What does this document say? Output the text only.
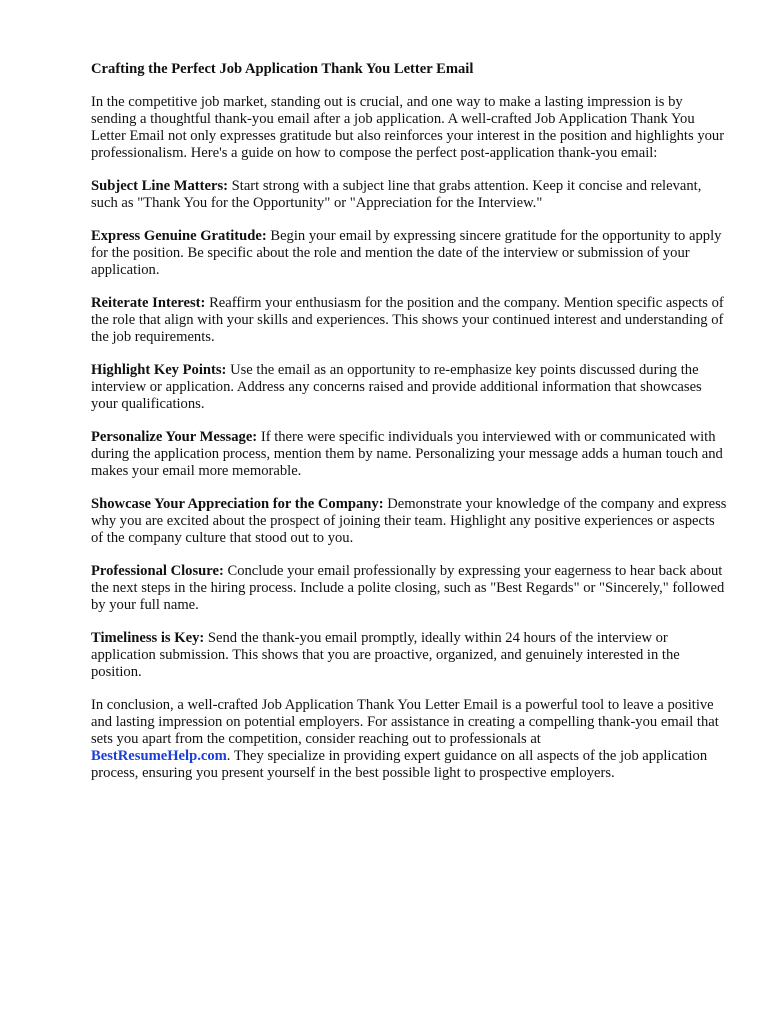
Crafting the Perfect Job Application Thank You Letter Email

In the competitive job market, standing out is crucial, and one way to make a lasting impression is by sending a thoughtful thank-you email after a job application. A well-crafted Job Application Thank You Letter Email not only expresses gratitude but also reinforces your interest in the position and highlights your professionalism. Here's a guide on how to compose the perfect post-application thank-you email:

Subject Line Matters: Start strong with a subject line that grabs attention. Keep it concise and relevant, such as "Thank You for the Opportunity" or "Appreciation for the Interview."

Express Genuine Gratitude: Begin your email by expressing sincere gratitude for the opportunity to apply for the position. Be specific about the role and mention the date of the interview or submission of your application.

Reiterate Interest: Reaffirm your enthusiasm for the position and the company. Mention specific aspects of the role that align with your skills and experiences. This shows your continued interest and understanding of the job requirements.

Highlight Key Points: Use the email as an opportunity to re-emphasize key points discussed during the interview or application. Address any concerns raised and provide additional information that showcases your qualifications.

Personalize Your Message: If there were specific individuals you interviewed with or communicated with during the application process, mention them by name. Personalizing your message adds a human touch and makes your email more memorable.

Showcase Your Appreciation for the Company: Demonstrate your knowledge of the company and express why you are excited about the prospect of joining their team. Highlight any positive experiences or aspects of the company culture that stood out to you.

Professional Closure: Conclude your email professionally by expressing your eagerness to hear back about the next steps in the hiring process. Include a polite closing, such as "Best Regards" or "Sincerely," followed by your full name.

Timeliness is Key: Send the thank-you email promptly, ideally within 24 hours of the interview or application submission. This shows that you are proactive, organized, and genuinely interested in the position.

In conclusion, a well-crafted Job Application Thank You Letter Email is a powerful tool to leave a positive and lasting impression on potential employers. For assistance in creating a compelling thank-you email that sets you apart from the competition, consider reaching out to professionals at
BestResumeHelp.com. They specialize in providing expert guidance on all aspects of the job application process, ensuring you present yourself in the best possible light to prospective employers.
